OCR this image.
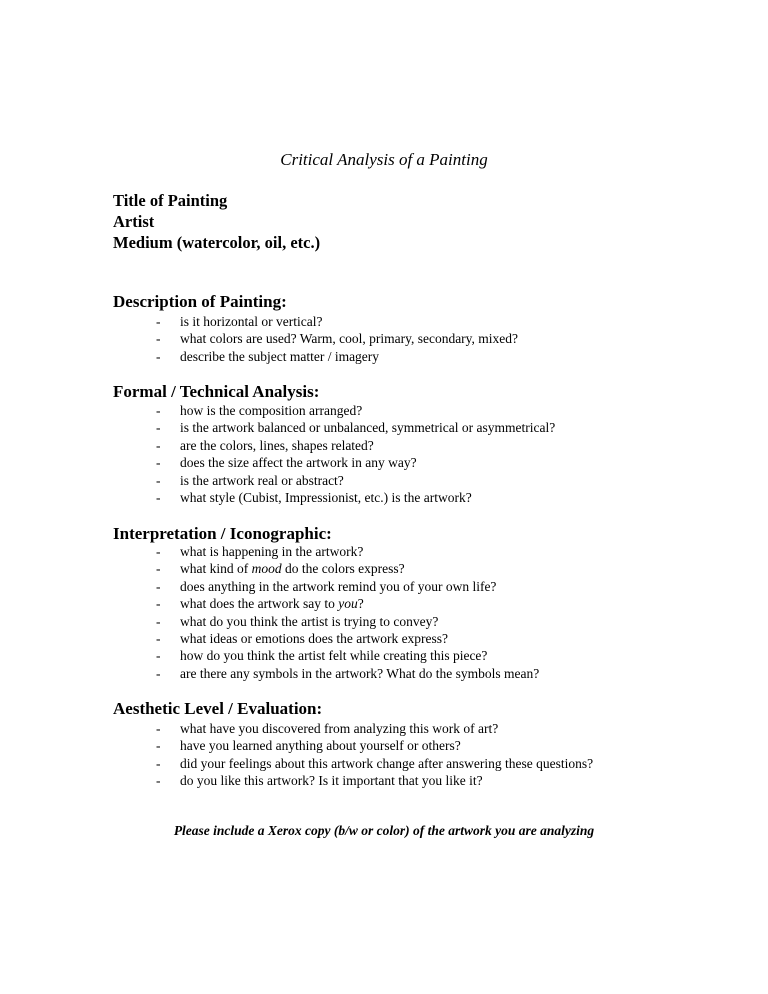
Critical Analysis of a Painting
Title of Painting
Artist
Medium (watercolor, oil, etc.)
Description of Painting:
- is it horizontal or vertical?
- what colors are used? Warm, cool, primary, secondary, mixed?
- describe the subject matter / imagery
Formal / Technical Analysis:
- how is the composition arranged?
- is the artwork balanced or unbalanced, symmetrical or asymmetrical?
- are the colors, lines, shapes related?
- does the size affect the artwork in any way?
- is the artwork real or abstract?
- what style (Cubist, Impressionist, etc.) is the artwork?
Interpretation / Iconographic:
- what is happening in the artwork?
- what kind of mood do the colors express?
- does anything in the artwork remind you of your own life?
- what does the artwork say to you?
- what do you think the artist is trying to convey?
- what ideas or emotions does the artwork express?
- how do you think the artist felt while creating this piece?
- are there any symbols in the artwork? What do the symbols mean?
Aesthetic Level / Evaluation:
- what have you discovered from analyzing this work of art?
- have you learned anything about yourself or others?
- did your feelings about this artwork change after answering these questions?
- do you like this artwork? Is it important that you like it?
Please include a Xerox copy (b/w or color) of the artwork you are analyzing
